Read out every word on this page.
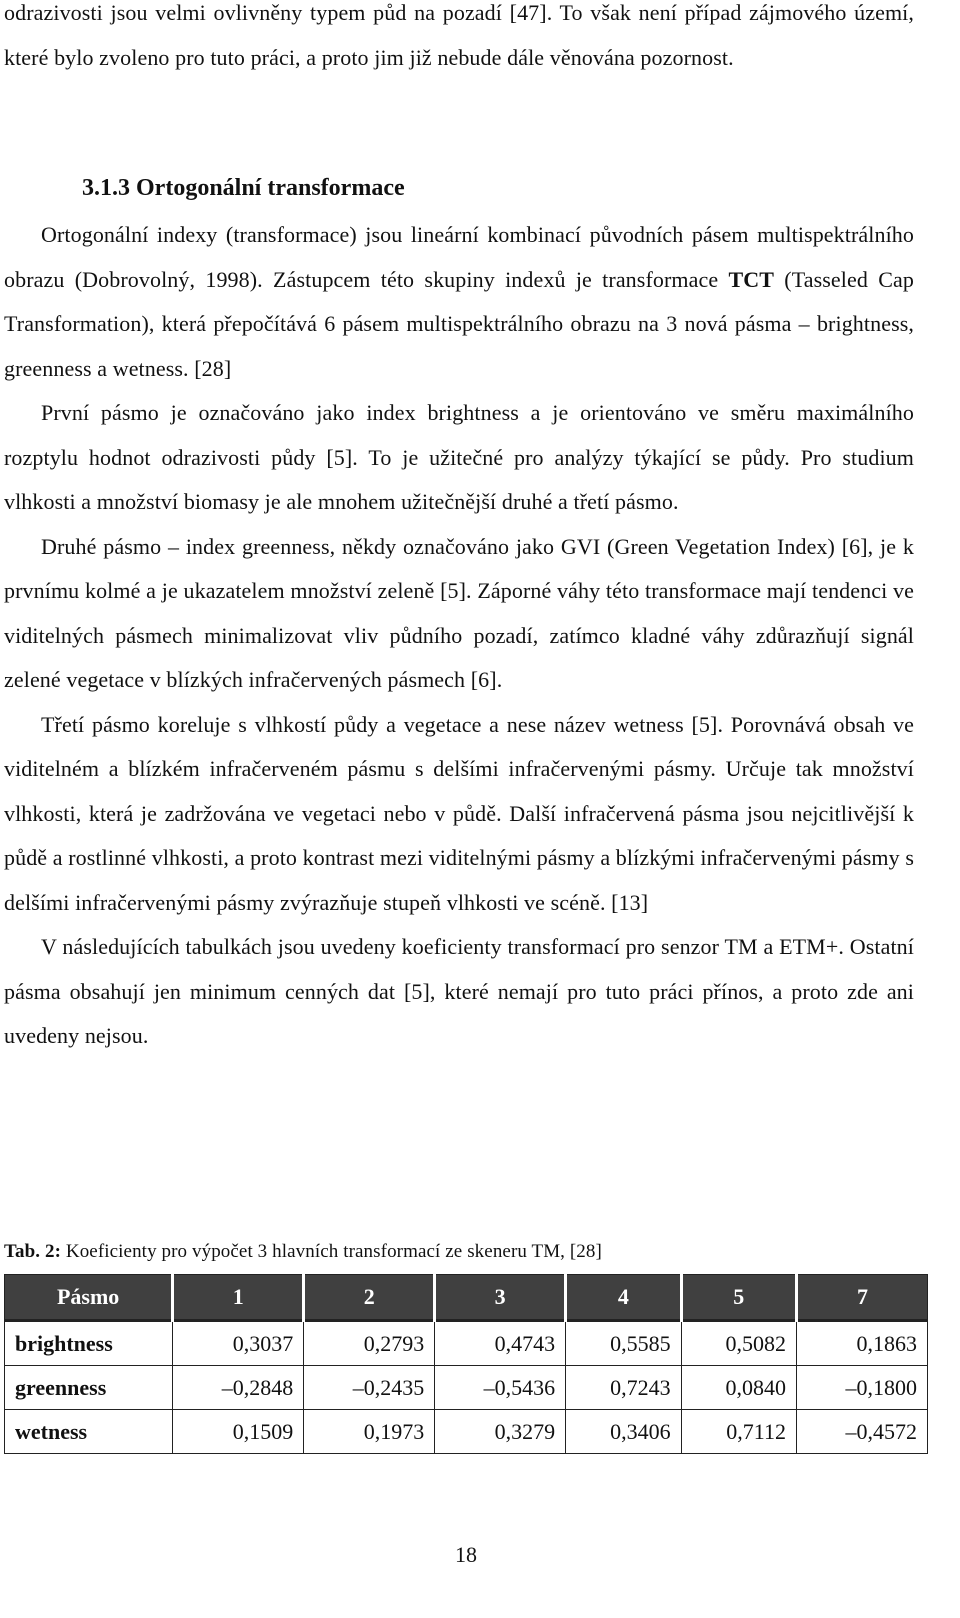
odrazivosti jsou velmi ovlivněny typem půd na pozadí [47]. To však není případ zájmového území, které bylo zvoleno pro tuto práci, a proto jim již nebude dále věnována pozornost.

3.1.3 Ortogonální transformace

Ortogonální indexy (transformace) jsou lineární kombinací původních pásem multispektrálního obrazu (Dobrovolný, 1998). Zástupcem této skupiny indexů je transformace TCT (Tasseled Cap Transformation), která přepočítává 6 pásem multispektrálního obrazu na 3 nová pásma – brightness, greenness a wetness. [28]

První pásmo je označováno jako index brightness a je orientováno ve směru maximálního rozptylu hodnot odrazivosti půdy [5]. To je užitečné pro analýzy týkající se půdy. Pro studium vlhkosti a množství biomasy je ale mnohem užitečnější druhé a třetí pásmo.

Druhé pásmo – index greenness, někdy označováno jako GVI (Green Vegetation Index) [6], je k prvnímu kolmé a je ukazatelem množství zeleně [5]. Záporné váhy této transformace mají tendenci ve viditelných pásmech minimalizovat vliv půdního pozadí, zatímco kladné váhy zdůrazňují signál zelené vegetace v blízkých infračervených pásmech [6].

Třetí pásmo koreluje s vlhkostí půdy a vegetace a nese název wetness [5]. Porovnává obsah ve viditelném a blízkém infračerveném pásmu s delšími infračervenými pásmy. Určuje tak množství vlhkosti, která je zadržována ve vegetaci nebo v půdě. Další infračervená pásma jsou nejcitlivější k půdě a rostlinné vlhkosti, a proto kontrast mezi viditelnými pásmy a blízkými infračervenými pásmy s delšími infračervenými pásmy zvýrazňuje stupeň vlhkosti ve scéně. [13]

V následujících tabulkách jsou uvedeny koeficienty transformací pro senzor TM a ETM+. Ostatní pásma obsahují jen minimum cenných dat [5], které nemají pro tuto práci přínos, a proto zde ani uvedeny nejsou.

Tab. 2: Koeficienty pro výpočet 3 hlavních transformací ze skeneru TM, [28]

Pásmo	1	2	3	4	5	7
brightness	0,3037	0,2793	0,4743	0,5585	0,5082	0,1863
greenness	–0,2848	–0,2435	–0,5436	0,7243	0,0840	–0,1800
wetness	0,1509	0,1973	0,3279	0,3406	0,7112	–0,4572
18
